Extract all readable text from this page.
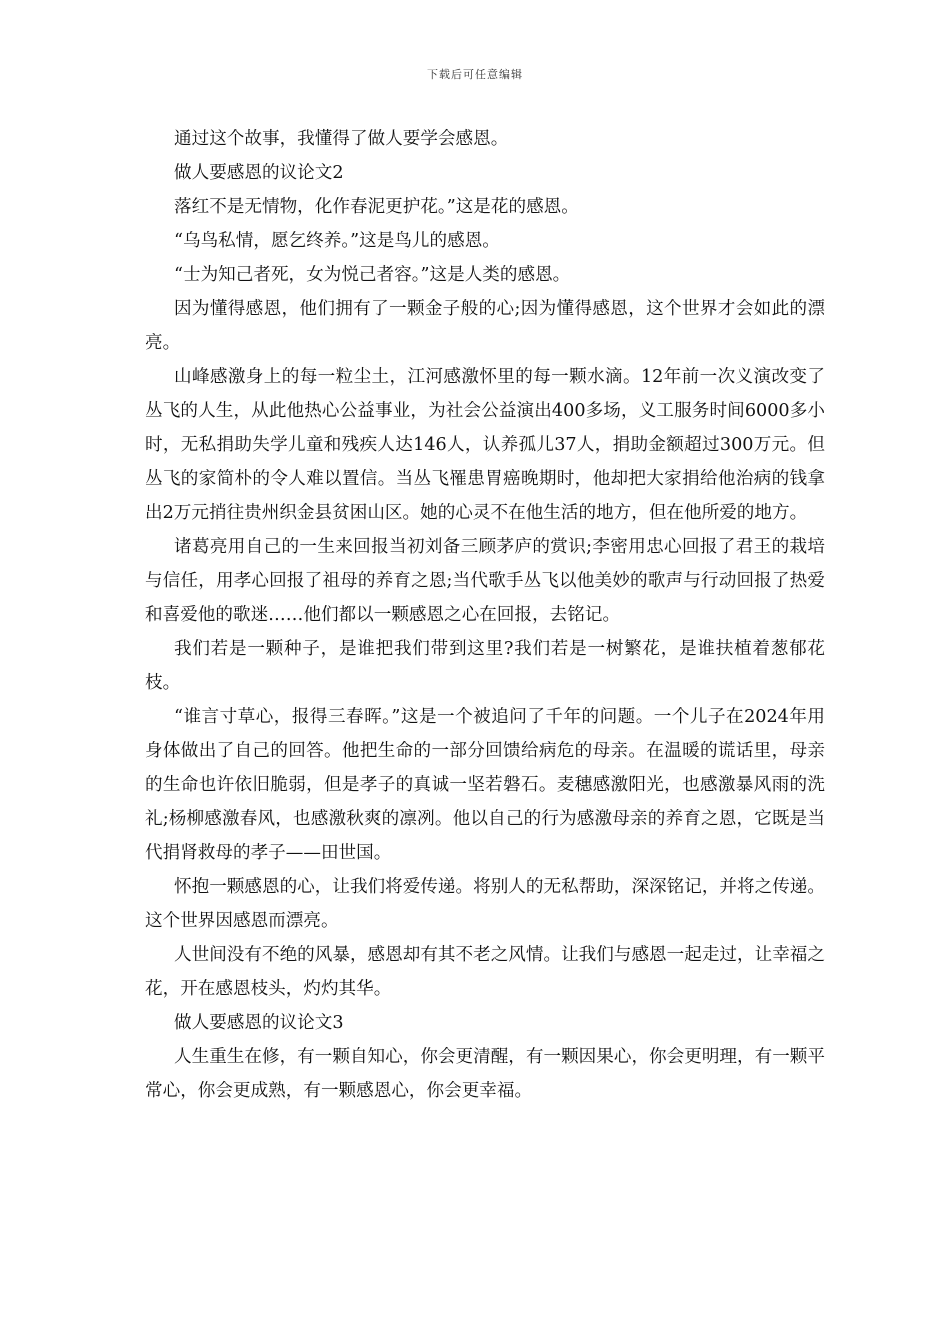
下载后可任意编辑

通过这个故事，我懂得了做人要学会感恩。

做人要感恩的议论文2

落红不是无情物，化作春泥更护花。”这是花的感恩。

“乌鸟私情，愿乞终养。”这是鸟儿的感恩。

“士为知己者死，女为悦己者容。”这是人类的感恩。

因为懂得感恩，他们拥有了一颗金子般的心;因为懂得感恩，这个世界才会如此的漂亮。

山峰感激身上的每一粒尘土，江河感激怀里的每一颗水滴。12年前一次义演改变了丛飞的人生，从此他热心公益事业，为社会公益演出400多场，义工服务时间6000多小时，无私捐助失学儿童和残疾人达146人，认养孤儿37人，捐助金额超过300万元。但丛飞的家简朴的令人难以置信。当丛飞罹患胃癌晚期时，他却把大家捐给他治病的钱拿出2万元捎往贵州织金县贫困山区。她的心灵不在他生活的地方，但在他所爱的地方。

诸葛亮用自己的一生来回报当初刘备三顾茅庐的赏识;李密用忠心回报了君王的栽培与信任，用孝心回报了祖母的养育之恩;当代歌手丛飞以他美妙的歌声与行动回报了热爱和喜爱他的歌迷……他们都以一颗感恩之心在回报，去铭记。

我们若是一颗种子，是谁把我们带到这里?我们若是一树繁花，是谁扶植着葱郁花枝。

“谁言寸草心，报得三春晖。”这是一个被追问了千年的问题。一个儿子在2024年用身体做出了自己的回答。他把生命的一部分回馈给病危的母亲。在温暖的谎话里，母亲的生命也许依旧脆弱，但是孝子的真诚一坚若磐石。麦穗感激阳光，也感激暴风雨的洗礼;杨柳感激春风，也感激秋爽的凛冽。他以自己的行为感激母亲的养育之恩，它既是当代捐肾救母的孝子——田世国。

怀抱一颗感恩的心，让我们将爱传递。将别人的无私帮助，深深铭记，并将之传递。这个世界因感恩而漂亮。

人世间没有不绝的风暴，感恩却有其不老之风情。让我们与感恩一起走过，让幸福之花，开在感恩枝头，灼灼其华。

做人要感恩的议论文3

人生重生在修，有一颗自知心，你会更清醒，有一颗因果心，你会更明理，有一颗平常心，你会更成熟，有一颗感恩心，你会更幸福。
